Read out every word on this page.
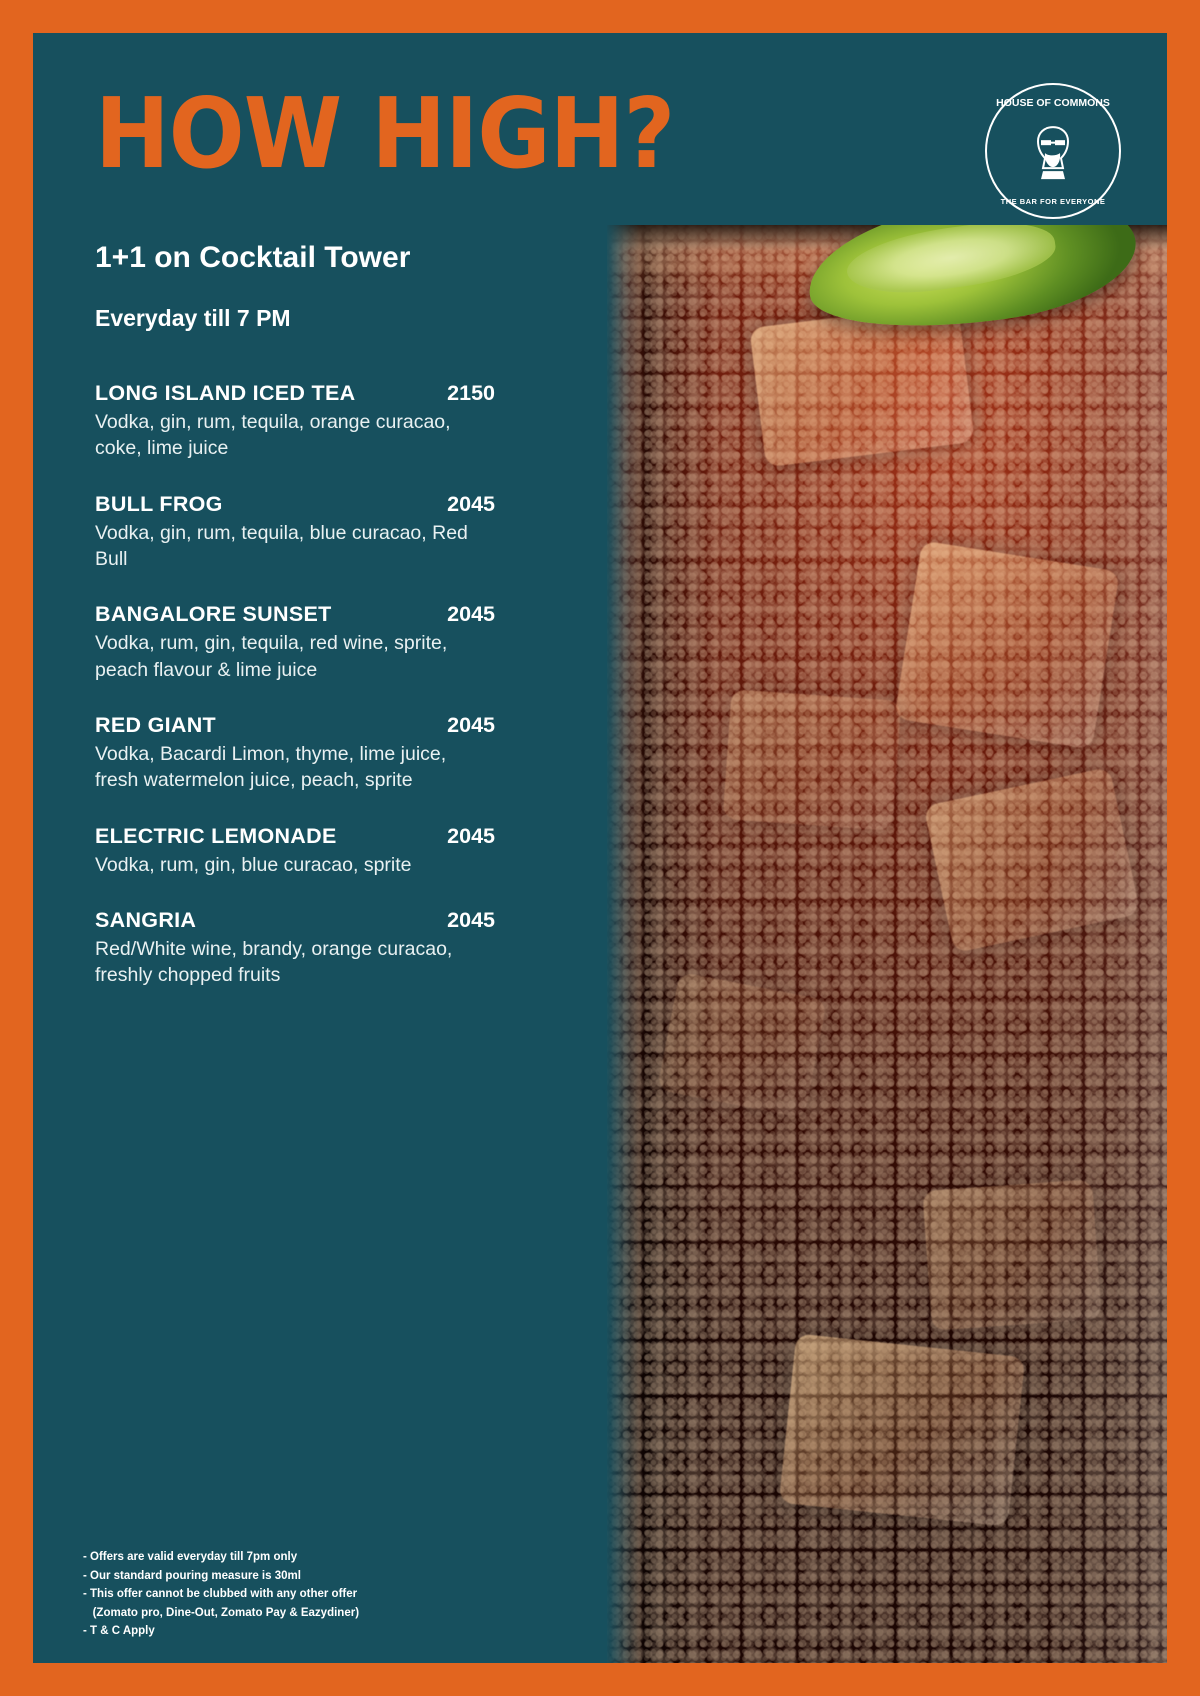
HOUSE OF COMMONS
THE BAR FOR EVERYONE
HOW HIGH?
1+1 on Cocktail Tower
Everyday till 7 PM
LONG ISLAND ICED TEA	2150
Vodka, gin, rum, tequila, orange curacao, coke, lime juice
BULL FROG	2045
Vodka, gin, rum, tequila, blue curacao, Red Bull
BANGALORE SUNSET	2045
Vodka, rum, gin, tequila, red wine, sprite, peach flavour & lime juice
RED GIANT	2045
Vodka, Bacardi Limon, thyme, lime juice, fresh watermelon juice, peach, sprite
ELECTRIC LEMONADE	2045
Vodka, rum, gin, blue curacao, sprite
SANGRIA	2045
Red/White wine, brandy, orange curacao, freshly chopped fruits
- Offers are valid everyday till 7pm only
- Our standard pouring measure is 30ml
- This offer cannot be clubbed with any other offer
(Zomato pro, Dine-Out, Zomato Pay & Eazydiner)
- T & C Apply
